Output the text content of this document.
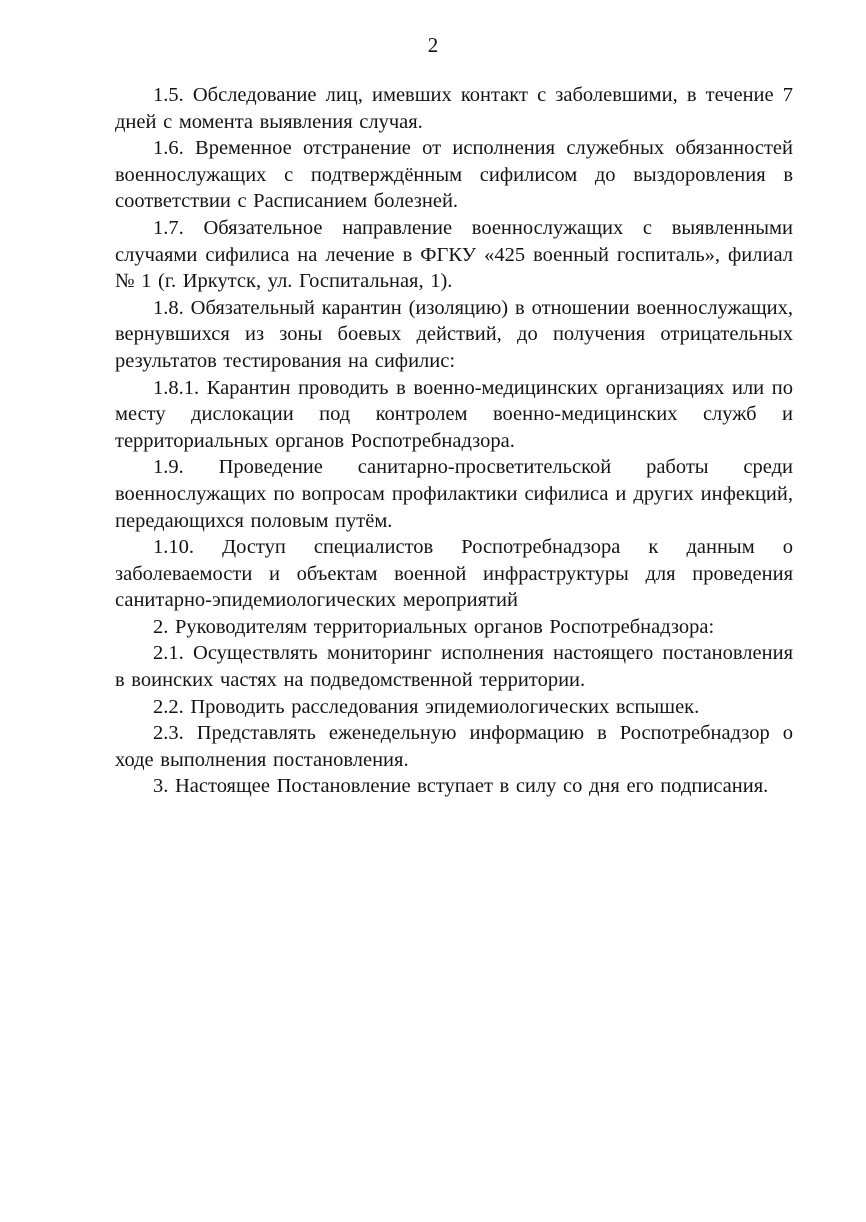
2

1.5. Обследование лиц, имевших контакт с заболевшими, в течение 7 дней с момента выявления случая.

1.6. Временное отстранение от исполнения служебных обязанностей военнослужащих с подтверждённым сифилисом до выздоровления в соответствии с Расписанием болезней.

1.7. Обязательное направление военнослужащих с выявленными случаями сифилиса на лечение в ФГКУ «425 военный госпиталь», филиал № 1 (г. Иркутск, ул. Госпитальная, 1).

1.8. Обязательный карантин (изоляцию) в отношении военнослужащих, вернувшихся из зоны боевых действий, до получения отрицательных результатов тестирования на сифилис:

1.8.1. Карантин проводить в военно-медицинских организациях или по месту дислокации под контролем военно-медицинских служб и территориальных органов Роспотребнадзора.

1.9. Проведение санитарно-просветительской работы среди военнослужащих по вопросам профилактики сифилиса и других инфекций, передающихся половым путём.

1.10. Доступ специалистов Роспотребнадзора к данным о заболеваемости и объектам военной инфраструктуры для проведения санитарно-эпидемиологических мероприятий

2. Руководителям территориальных органов Роспотребнадзора:

2.1. Осуществлять мониторинг исполнения настоящего постановления в воинских частях на подведомственной территории.

2.2. Проводить расследования эпидемиологических вспышек.

2.3. Представлять еженедельную информацию в Роспотребнадзор о ходе выполнения постановления.

3. Настоящее Постановление вступает в силу со дня его подписания.
